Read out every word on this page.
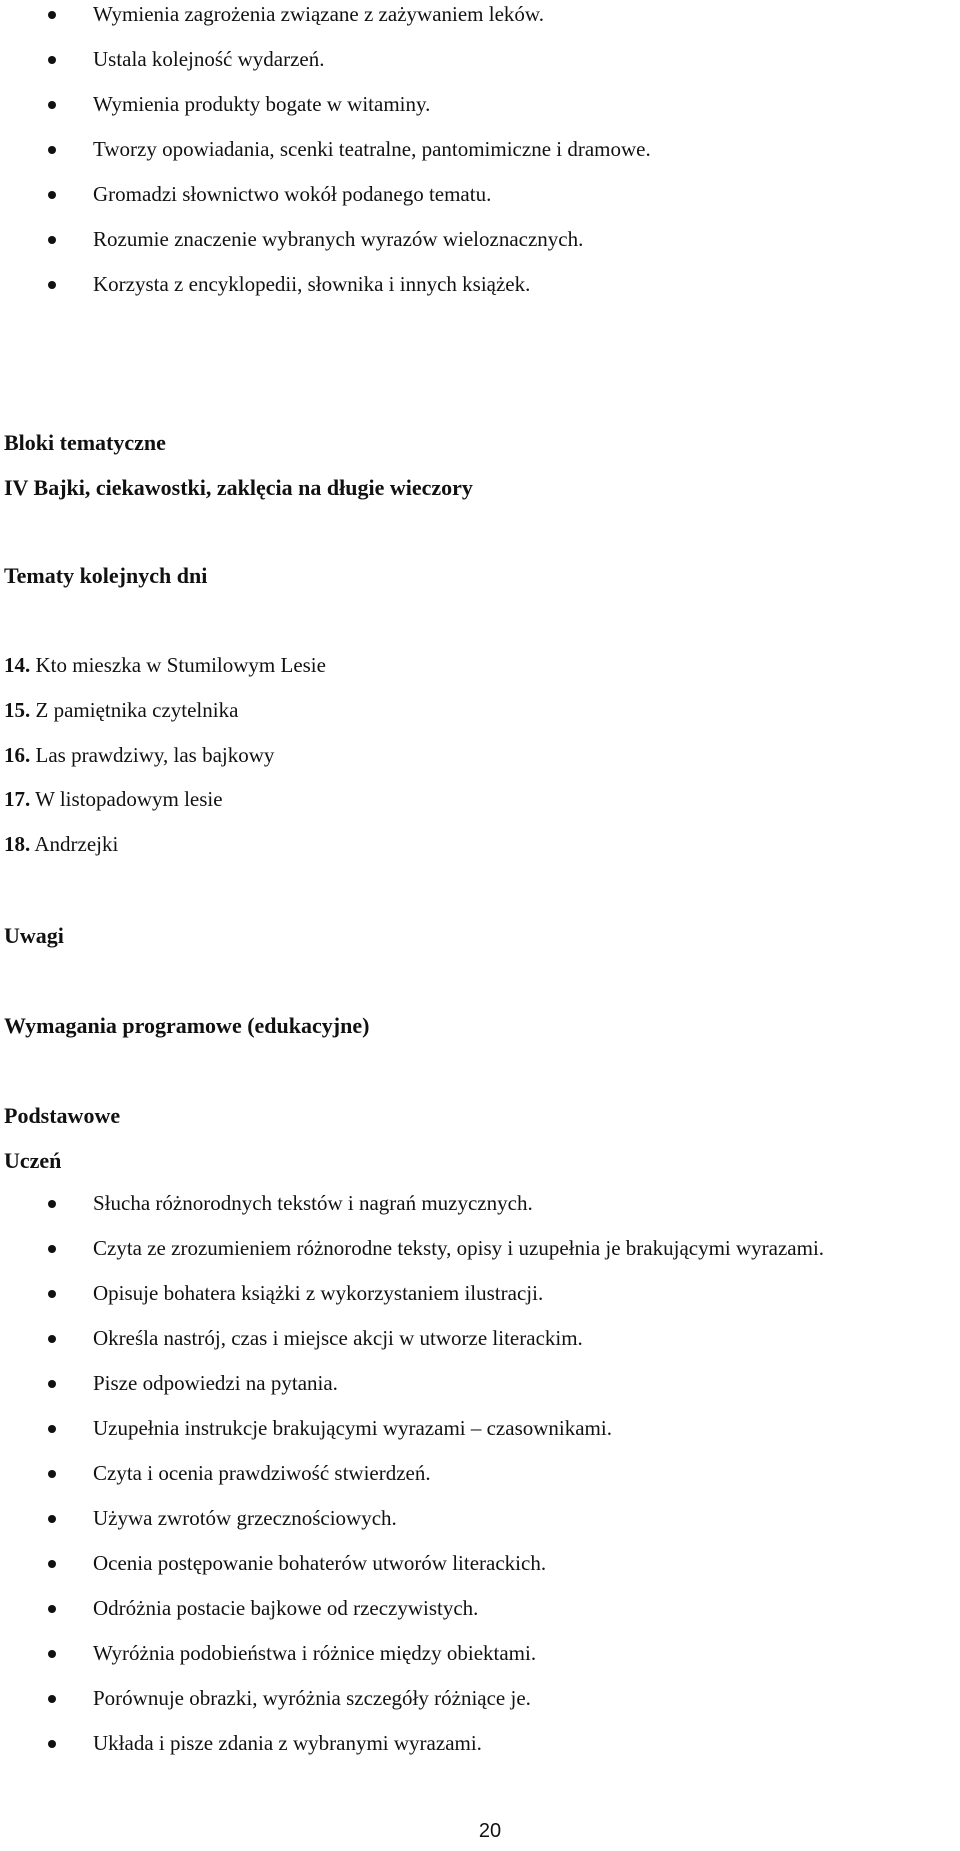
Wymienia zagrożenia związane z zażywaniem leków.
Ustala kolejność wydarzeń.
Wymienia produkty bogate w witaminy.
Tworzy opowiadania, scenki teatralne, pantomimiczne i dramowe.
Gromadzi słownictwo wokół podanego tematu.
Rozumie znaczenie wybranych wyrazów wieloznacznych.
Korzysta z encyklopedii, słownika i innych książek.
Bloki tematyczne
IV Bajki, ciekawostki, zaklęcia na długie wieczory
Tematy kolejnych dni
14. Kto mieszka w Stumilowym Lesie
15. Z pamiętnika czytelnika
16. Las prawdziwy, las bajkowy
17. W listopadowym lesie
18. Andrzejki
Uwagi
Wymagania programowe (edukacyjne)
Podstawowe
Uczeń
Słucha różnorodnych tekstów i nagrań muzycznych.
Czyta ze zrozumieniem różnorodne teksty, opisy i uzupełnia je brakującymi wyrazami.
Opisuje bohatera książki z wykorzystaniem ilustracji.
Określa nastrój, czas i miejsce akcji w utworze literackim.
Pisze odpowiedzi na pytania.
Uzupełnia instrukcje brakującymi wyrazami – czasownikami.
Czyta i ocenia prawdziwość stwierdzeń.
Używa zwrotów grzecznościowych.
Ocenia postępowanie bohaterów utworów literackich.
Odróżnia postacie bajkowe od rzeczywistych.
Wyróżnia podobieństwa i różnice między obiektami.
Porównuje obrazki, wyróżnia szczegóły różniące je.
Układa i pisze zdania z wybranymi wyrazami.
20
